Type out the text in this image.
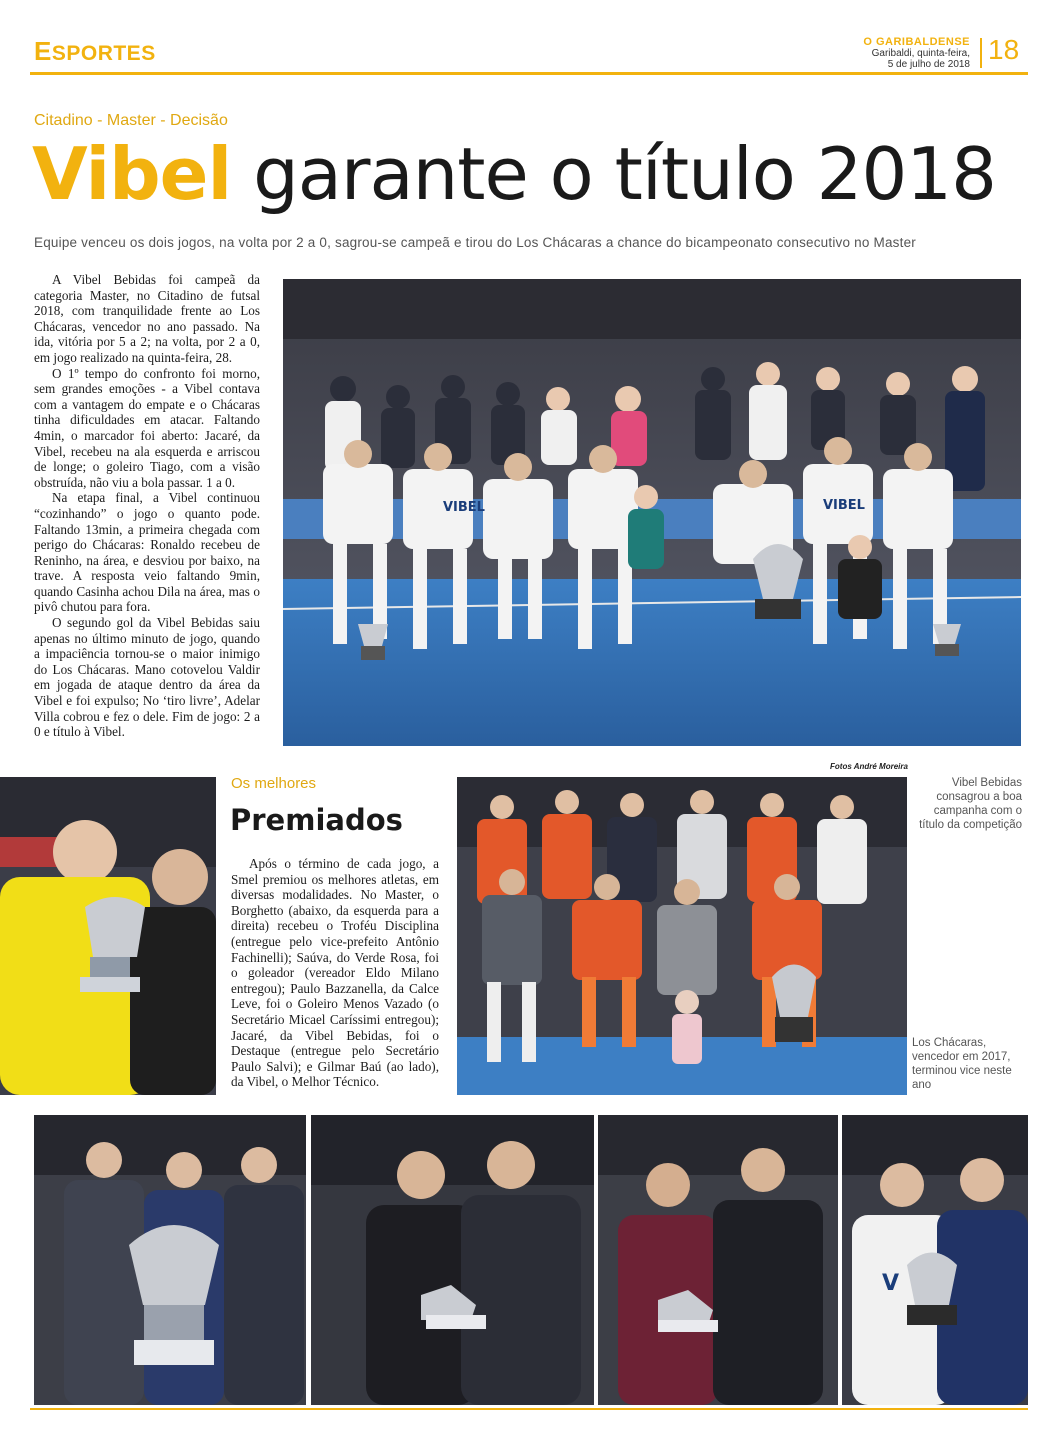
ESPORTES	O GARIBALDENSE
Garibaldi, quinta-feira,
5 de julho de 2018 18
Citadino - Master - Decisão
Vibel garante o título 2018
Equipe venceu os dois jogos, na volta por 2 a 0, sagrou-se campeã e tirou do Los Chácaras a chance do bicampeonato consecutivo no Master

A Vibel Bebidas foi campeã da categoria Master, no Citadino de futsal 2018, com tranquilidade frente ao Los Chácaras, vencedor no ano passado. Na ida, vitória por 5 a 2; na volta, por 2 a 0, em jogo realizado na quinta-feira, 28.

O 1º tempo do confronto foi morno, sem grandes emoções - a Vibel contava com a vantagem do empate e o Chácaras tinha dificuldades em atacar. Faltando 4min, o marcador foi aberto: Jacaré, da Vibel, recebeu na ala esquerda e arriscou de longe; o goleiro Tiago, com a visão obstruída, não viu a bola passar. 1 a 0.

Na etapa final, a Vibel continuou “cozinhando” o jogo o quanto pode. Faltando 13min, a primeira chegada com perigo do Chácaras: Ronaldo recebeu de Reninho, na área, e desviou por baixo, na trave. A resposta veio faltando 9min, quando Casinha achou Dila na área, mas o pivô chutou para fora.

O segundo gol da Vibel Bebidas saiu apenas no último minuto de jogo, quando a impaciência tornou-se o maior inimigo do Los Chácaras. Mano cotovelou Valdir em jogada de ataque dentro da área da Vibel e foi expulso; No ‘tiro livre’, Adelar Villa cobrou e fez o dele. Fim de jogo: 2 a 0 e título à Vibel.

VIBEL	VIBEL
Fotos André Moreira
Os melhores
Premiados

Após o término de cada jogo, a Smel premiou os melhores atletas, em diversas modalidades. No Master, o Borghetto (abaixo, da esquerda para a direita) recebeu o Troféu Disciplina (entregue pelo vice-prefeito Antônio Fachinelli); Saúva, do Verde Rosa, foi o goleador (vereador Eldo Milano entregou); Paulo Bazzanella, da Calce Leve, foi o Goleiro Menos Vazado (o Secretário Micael Caríssimi entregou); Jacaré, da Vibel Bebidas, foi o Destaque (entregue pelo Secretário Paulo Salvi); e Gilmar Baú (ao lado), da Vibel, o Melhor Técnico.

Vibel Bebidas consagrou a boa campanha com o título da competição
Los Chácaras, vencedor em 2017, terminou vice neste ano
V
